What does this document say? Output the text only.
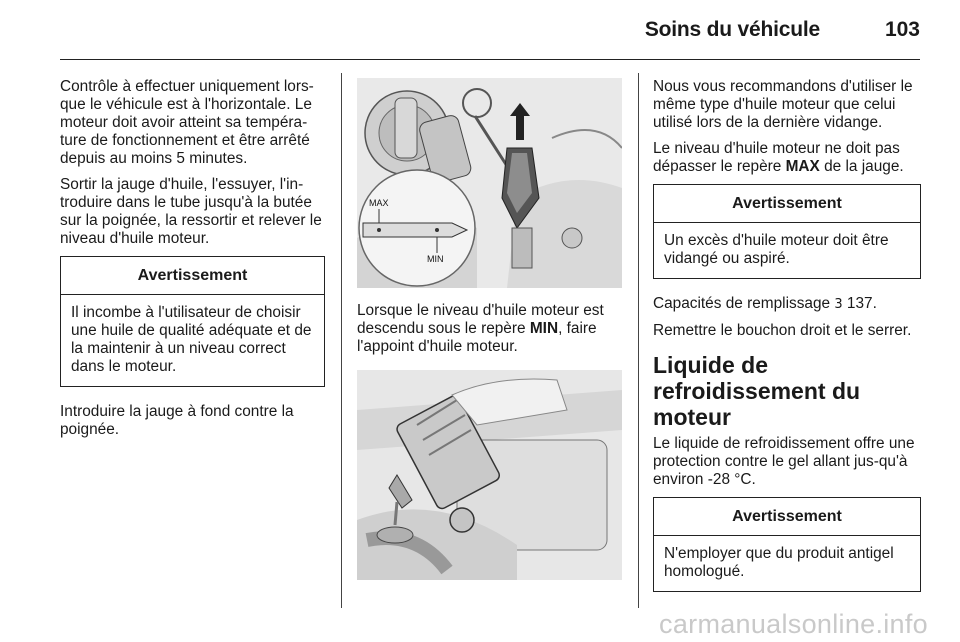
Soins du véhicule	103

Contrôle à effectuer uniquement lors-que le véhicule est à l'horizontale. Le moteur doit avoir atteint sa tempéra-ture de fonctionnement et être arrêté depuis au moins 5 minutes.

Sortir la jauge d'huile, l'essuyer, l'in-troduire dans le tube jusqu'à la butée sur la poignée, la ressortir et relever le niveau d'huile moteur.

Avertissement
Il incombe à l'utilisateur de choisir une huile de qualité adéquate et de la maintenir à un niveau correct dans le moteur.

Introduire la jauge à fond contre la poignée.

MAX
MIN

Lorsque le niveau d'huile moteur est descendu sous le repère MIN, faire l'appoint d'huile moteur.

Nous vous recommandons d'utiliser le même type d'huile moteur que celui utilisé lors de la dernière vidange.

Le niveau d'huile moteur ne doit pas dépasser le repère MAX de la jauge.

Avertissement
Un excès d'huile moteur doit être vidangé ou aspiré.

Capacités de remplissage 3 137.

Remettre le bouchon droit et le serrer.

Liquide de refroidissement du moteur

Le liquide de refroidissement offre une protection contre le gel allant jus-qu'à environ -28 °C.

Avertissement
N'employer que du produit antigel homologué.
carmanualsonline.info
